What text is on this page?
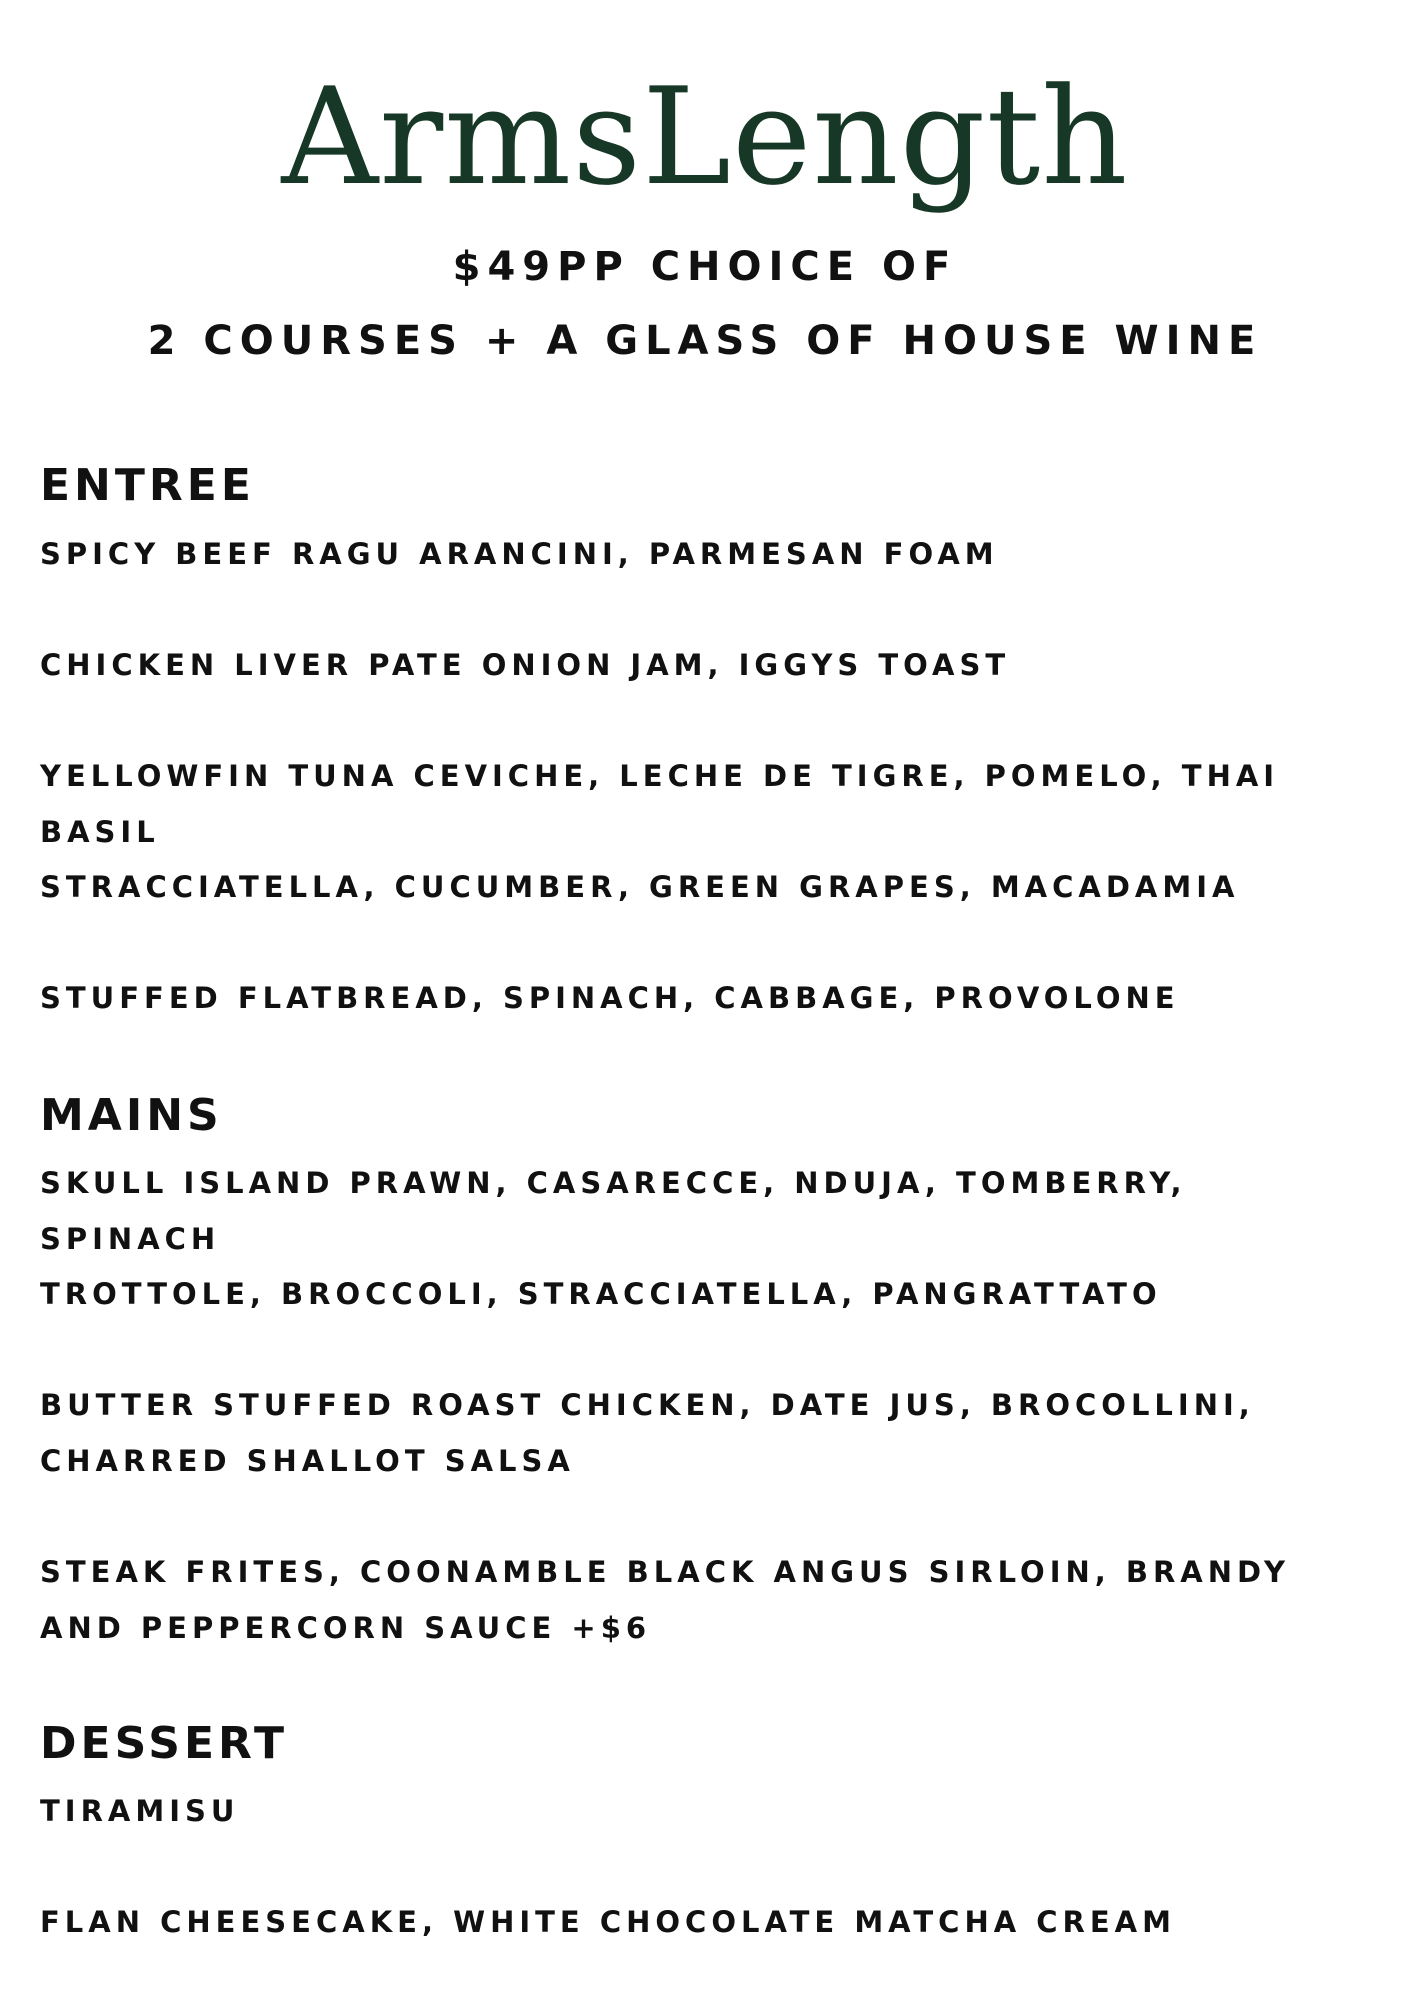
ArmsLength
$49PP CHOICE OF
2 COURSES + A GLASS OF HOUSE WINE
ENTREE
SPICY BEEF RAGU ARANCINI, PARMESAN FOAM
CHICKEN LIVER PATE ONION JAM, IGGYS TOAST
YELLOWFIN TUNA CEVICHE, LECHE DE TIGRE, POMELO, THAI BASIL
STRACCIATELLA, CUCUMBER, GREEN GRAPES, MACADAMIA
STUFFED FLATBREAD, SPINACH, CABBAGE, PROVOLONE
MAINS
SKULL ISLAND PRAWN, CASARECCE, NDUJA, TOMBERRY, SPINACH
TROTTOLE, BROCCOLI, STRACCIATELLA, PANGRATTATO
BUTTER STUFFED ROAST CHICKEN, DATE JUS, BROCOLLINI, CHARRED SHALLOT SALSA
STEAK FRITES, COONAMBLE BLACK ANGUS SIRLOIN, BRANDY AND PEPPERCORN SAUCE +$6
DESSERT
TIRAMISU
FLAN CHEESECAKE, WHITE CHOCOLATE MATCHA CREAM
